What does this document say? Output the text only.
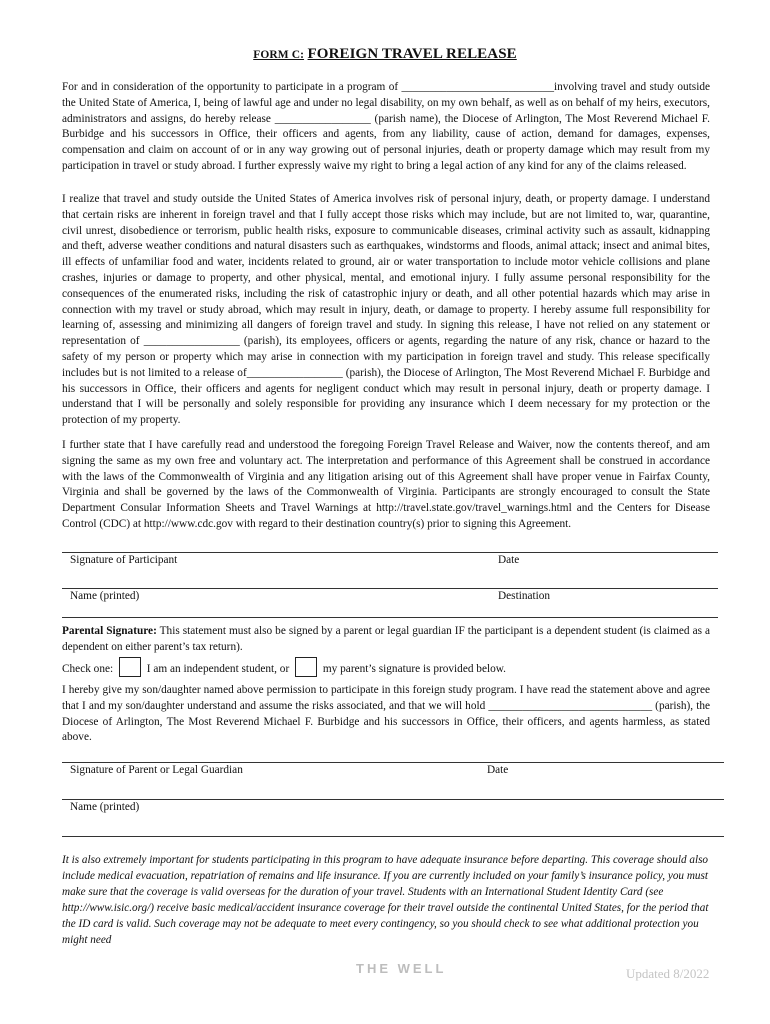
FORM C: FOREIGN TRAVEL RELEASE

For and in consideration of the opportunity to participate in a program of ___________________________involving travel and study outside the United State of America, I, being of lawful age and under no legal disability, on my own behalf, as well as on behalf of my heirs, executors, administrators and assigns, do hereby release _________________ (parish name), the Diocese of Arlington, The Most Reverend Michael F. Burbidge and his successors in Office, their officers and agents, from any liability, cause of action, demand for damages, expenses, compensation and claim on account of or in any way growing out of personal injuries, death or property damage which may result from my participation in travel or study abroad. I further expressly waive my right to bring a legal action of any kind for any of the claims released.

I realize that travel and study outside the United States of America involves risk of personal injury, death, or property damage. I understand that certain risks are inherent in foreign travel and that I fully accept those risks which may include, but are not limited to, war, quarantine, civil unrest, disobedience or terrorism, public health risks, exposure to communicable diseases, criminal activity such as assault, kidnapping and theft, adverse weather conditions and natural disasters such as earthquakes, windstorms and floods, animal attack; insect and animal bites, ill effects of unfamiliar food and water, incidents related to ground, air or water transportation to include motor vehicle collisions and plane crashes, injuries or damage to property, and other physical, mental, and emotional injury. I fully assume personal responsibility for the consequences of the enumerated risks, including the risk of catastrophic injury or death, and all other potential hazards which may arise in connection with my travel or study abroad, which may result in injury, death, or damage to property. I hereby assume full responsibility for learning of, assessing and minimizing all dangers of foreign travel and study. In signing this release, I have not relied on any statement or representation of _________________ (parish), its employees, officers or agents, regarding the nature of any risk, chance or hazard to the safety of my person or property which may arise in connection with my participation in foreign travel and study. This release specifically includes but is not limited to a release of_________________ (parish), the Diocese of Arlington, The Most Reverend Michael F. Burbidge and his successors in Office, their officers and agents for negligent conduct which may result in personal injury, death or property damage. I understand that I will be personally and solely responsible for providing any insurance which I deem necessary for my protection or the protection of my property.

I further state that I have carefully read and understood the foregoing Foreign Travel Release and Waiver, now the contents thereof, and am signing the same as my own free and voluntary act. The interpretation and performance of this Agreement shall be construed in accordance with the laws of the Commonwealth of Virginia and any litigation arising out of this Agreement shall have proper venue in Fairfax County, Virginia and shall be governed by the laws of the Commonwealth of Virginia. Participants are strongly encouraged to consult the State Department Consular Information Sheets and Travel Warnings at http://travel.state.gov/travel_warnings.html and the Centers for Disease Control (CDC) at http://www.cdc.gov with regard to their destination country(s) prior to signing this Agreement.

Signature of Participant	Date
Name (printed)	Destination

Parental Signature: This statement must also be signed by a parent or legal guardian IF the participant is a dependent student (is claimed as a dependent on either parent’s tax return).

Check one:	I am an independent student, or	my parent’s signature is provided below.

I hereby give my son/daughter named above permission to participate in this foreign study program. I have read the statement above and agree that I and my son/daughter understand and assume the risks associated, and that we will hold _____________________________ (parish), the Diocese of Arlington, The Most Reverend Michael F. Burbidge and his successors in Office, their officers, and agents harmless, as stated above.

Signature of Parent or Legal Guardian	Date
Name (printed)
It is also extremely important for students participating in this program to have adequate insurance before departing. This coverage should also include medical evacuation, repatriation of remains and life insurance. If you are currently included on your family’s insurance policy, you must make sure that the coverage is valid overseas for the duration of your travel. Students with an International Student Identity Card (see http://www.isic.org/) receive basic medical/accident insurance coverage for their travel outside the continental United States, for the period that the ID card is valid. Such coverage may not be adequate to meet every contingency, so you should check to see what additional protection you might need
THE WELL	Updated 8/2022
